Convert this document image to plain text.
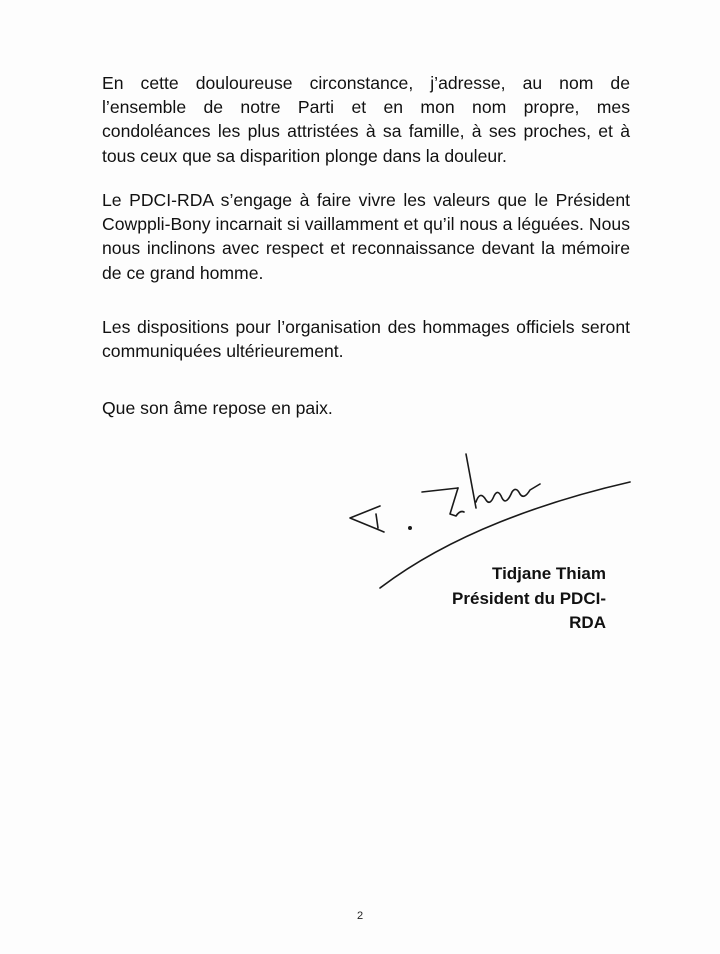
En cette douloureuse circonstance, j’adresse, au nom de l’ensemble de notre Parti et en mon nom propre, mes condoléances les plus attristées à sa famille, à ses proches, et à tous ceux que sa disparition plonge dans la douleur.

Le PDCI-RDA s’engage à faire vivre les valeurs que le Président Cowppli-Bony incarnait si vaillamment et qu’il nous a léguées. Nous nous inclinons avec respect et reconnaissance devant la mémoire de ce grand homme.

Les dispositions pour l’organisation des hommages officiels seront communiquées ultérieurement.

Que son âme repose en paix.

Tidjane Thiam

Président du PDCI-RDA

2
